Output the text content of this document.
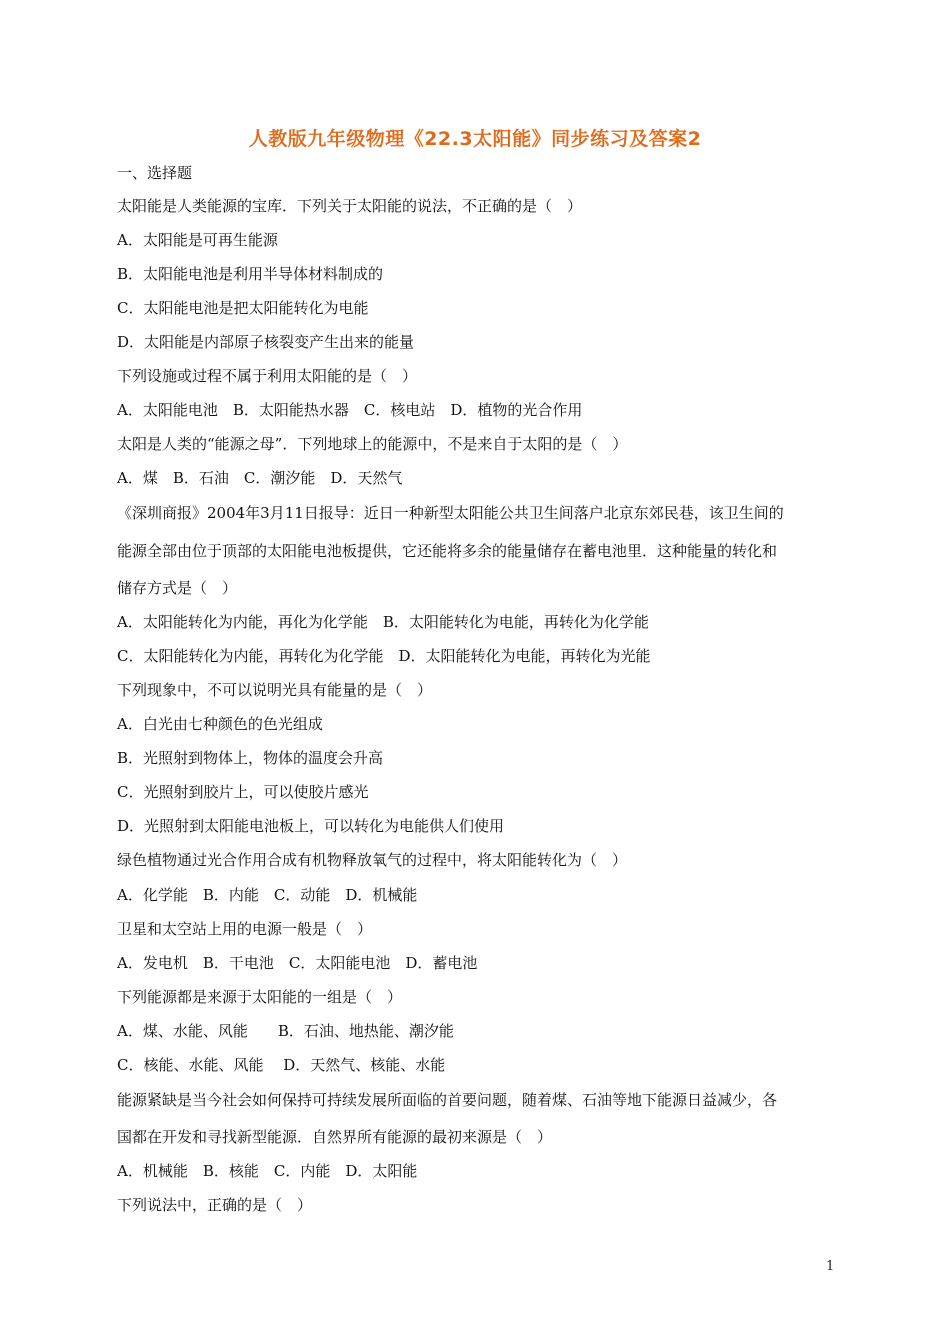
人教版九年级物理《22.3太阳能》同步练习及答案2
一、选择题
太阳能是人类能源的宝库．下列关于太阳能的说法，不正确的是（　）
A．太阳能是可再生能源
B．太阳能电池是利用半导体材料制成的
C．太阳能电池是把太阳能转化为电能
D．太阳能是内部原子核裂变产生出来的能量
下列设施或过程不属于利用太阳能的是（　）
A．太阳能电池　B．太阳能热水器　C．核电站　D．植物的光合作用
太阳是人类的“能源之母”．下列地球上的能源中，不是来自于太阳的是（　）
A．煤　B．石油　C．潮汐能　D．天然气
《深圳商报》2004年3月11日报导：近日一种新型太阳能公共卫生间落户北京东郊民巷，该卫生间的
能源全部由位于顶部的太阳能电池板提供，它还能将多余的能量储存在蓄电池里．这种能量的转化和
储存方式是（　）
A．太阳能转化为内能，再化为化学能　B．太阳能转化为电能，再转化为化学能
C．太阳能转化为内能，再转化为化学能　D．太阳能转化为电能，再转化为光能
下列现象中，不可以说明光具有能量的是（　）
A．白光由七种颜色的色光组成
B．光照射到物体上，物体的温度会升高
C．光照射到胶片上，可以使胶片感光
D．光照射到太阳能电池板上，可以转化为电能供人们使用
绿色植物通过光合作用合成有机物释放氧气的过程中，将太阳能转化为（　）
A．化学能　B．内能　C．动能　D．机械能
卫星和太空站上用的电源一般是（　）
A．发电机　B．干电池　C．太阳能电池　D．蓄电池
下列能源都是来源于太阳能的一组是（　）
A．煤、水能、风能　　B．石油、地热能、潮汐能
C．核能、水能、风能　 D．天然气、核能、水能
能源紧缺是当今社会如何保持可持续发展所面临的首要问题，随着煤、石油等地下能源日益减少，各
国都在开发和寻找新型能源．自然界所有能源的最初来源是（　）
A．机械能　B．核能　C．内能　D．太阳能
下列说法中，正确的是（　）
1
